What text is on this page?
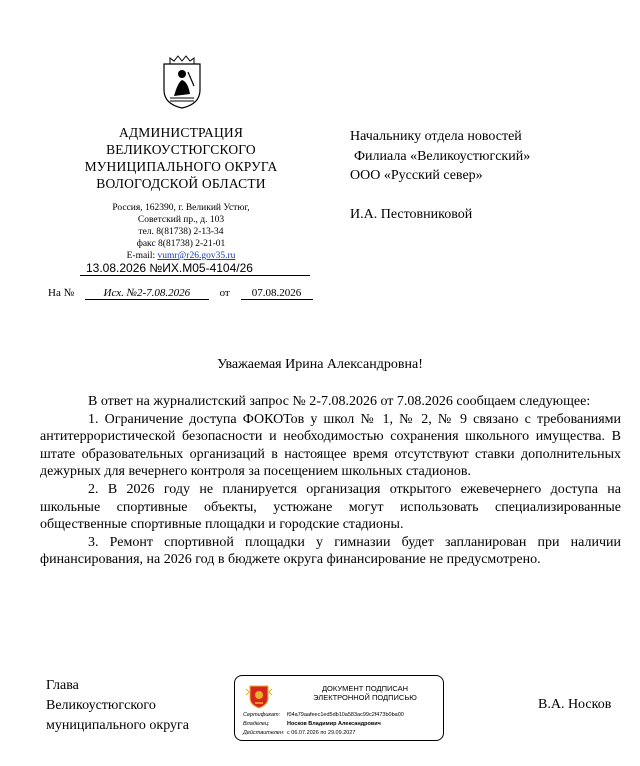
АДМИНИСТРАЦИЯ
ВЕЛИКОУСТЮГСКОГО
МУНИЦИПАЛЬНОГО ОКРУГА
ВОЛОГОДСКОЙ ОБЛАСТИ
Россия, 162390, г. Великий Устюг,
Советский пр., д. 103
тел. 8(81738) 2-13-34
факс 8(81738) 2-21-01
E-mail: vumr@r26.gov35.ru
13.08.2026 №ИХ.М05-4104/26
На №	Исх. №2-7.08.2026	от 07.08.2026
Начальнику отдела новостей
Филиала «Великоустюгский»
ООО «Русский север»
И.А. Пестовниковой
Уважаемая Ирина Александровна!

В ответ на журналистский запрос № 2-7.08.2026 от 7.08.2026 сообщаем следующее:

1. Ограничение доступа ФОКОТов у школ № 1, № 2, № 9 связано с требованиями антитеррористической безопасности и необходимостью сохранения школьного имущества. В штате образовательных организаций в настоящее время отсутствуют ставки дополнительных дежурных для вечернего контроля за посещением школьных стадионов.

2. В 2026 году не планируется организация открытого ежевечернего доступа на школьные спортивные объекты, устюжане могут использовать специализированные общественные спортивные площадки и городские стадионы.

3. Ремонт спортивной площадки у гимназии будет запланирован при наличии финансирования, на 2026 год в бюджете округа финансирование не предусмотрено.

Глава
Великоустюгского
муниципального округа
ДОКУМЕНТ ПОДПИСАН
ЭЛЕКТРОННОЙ ПОДПИСЬЮ
Сертификат: f04a79aafeec1ed5db10a583ac99c2f473b0ba00
Владелец:	Носков Владимир Александрович
Действителен: с 06.07.2026 по 29.09.2027
В.А. Носков
